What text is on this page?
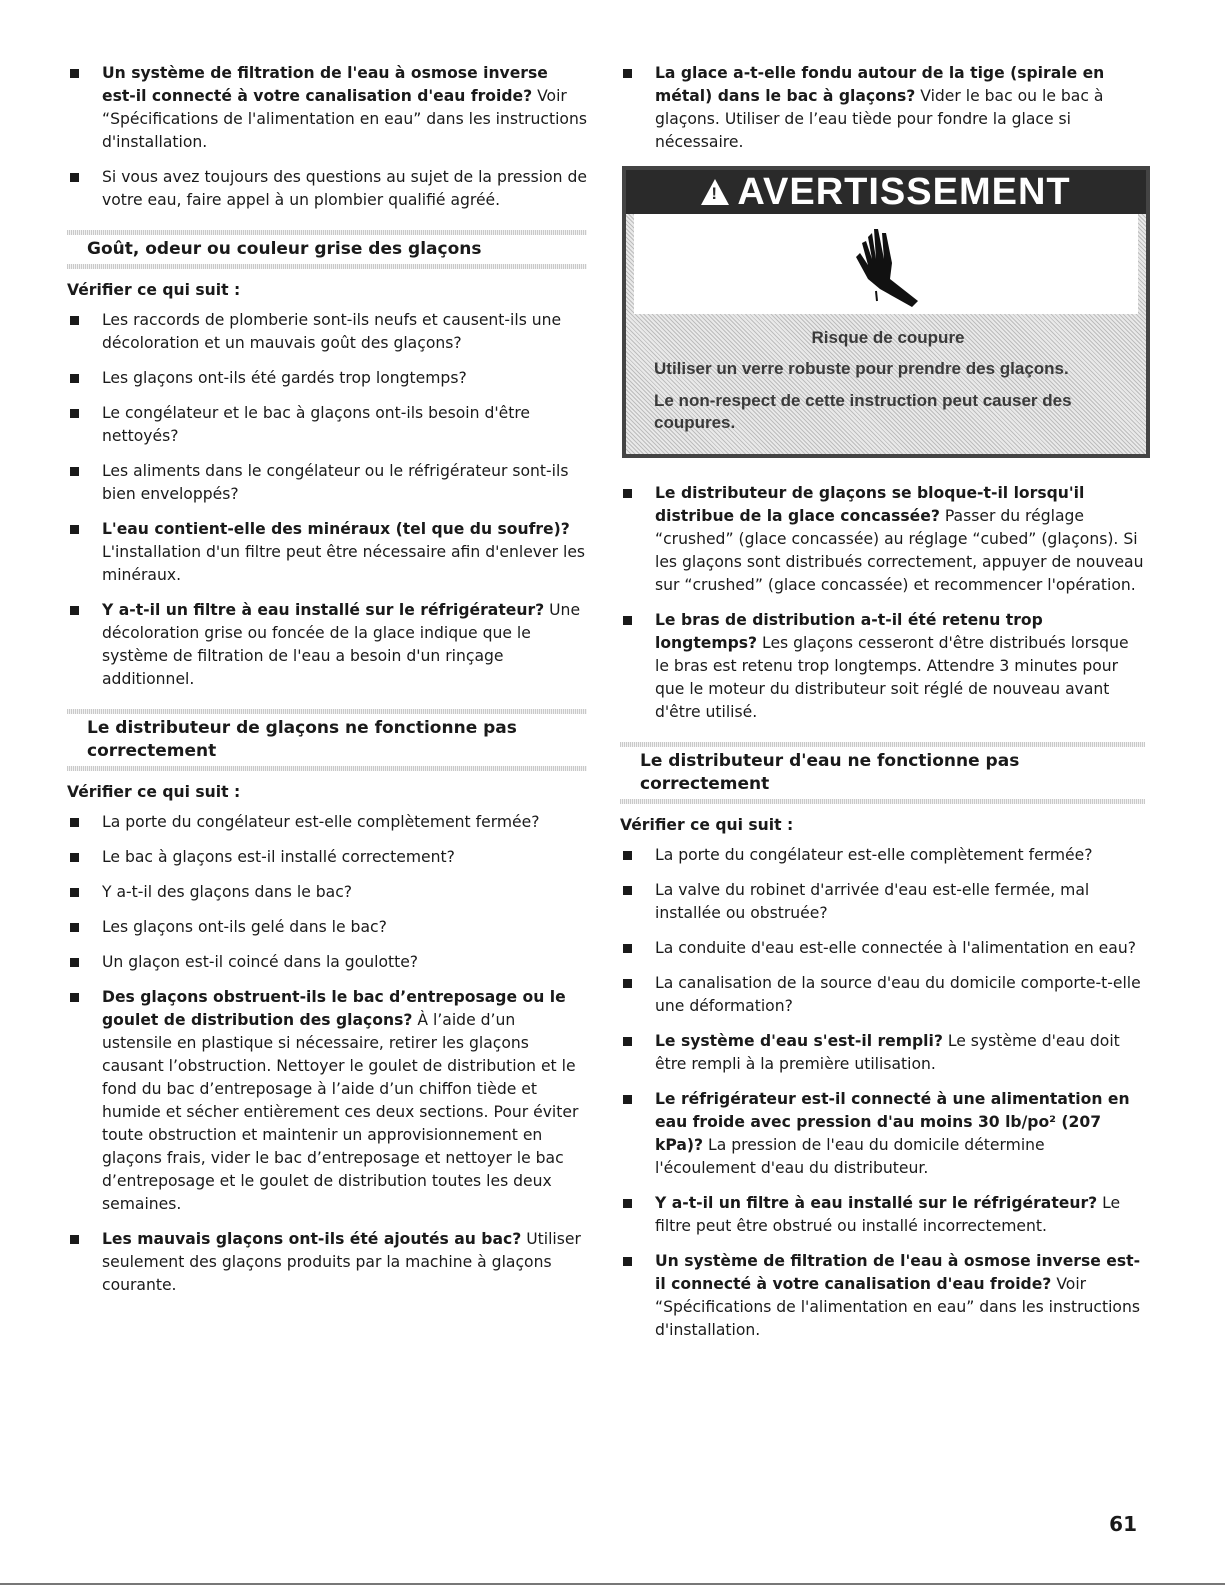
Un système de filtration de l'eau à osmose inverse est-il connecté à votre canalisation d'eau froide? Voir “Spécifications de l'alimentation en eau” dans les instructions d'installation.
Si vous avez toujours des questions au sujet de la pression de votre eau, faire appel à un plombier qualifié agréé.
Goût, odeur ou couleur grise des glaçons
Vérifier ce qui suit :
Les raccords de plomberie sont-ils neufs et causent-ils une décoloration et un mauvais goût des glaçons?
Les glaçons ont-ils été gardés trop longtemps?
Le congélateur et le bac à glaçons ont-ils besoin d'être nettoyés?
Les aliments dans le congélateur ou le réfrigérateur sont-ils bien enveloppés?
L'eau contient-elle des minéraux (tel que du soufre)? L'installation d'un filtre peut être nécessaire afin d'enlever les minéraux.
Y a-t-il un filtre à eau installé sur le réfrigérateur? Une décoloration grise ou foncée de la glace indique que le système de filtration de l'eau a besoin d'un rinçage additionnel.
Le distributeur de glaçons ne fonctionne pas correctement
Vérifier ce qui suit :
La porte du congélateur est-elle complètement fermée?
Le bac à glaçons est-il installé correctement?
Y a-t-il des glaçons dans le bac?
Les glaçons ont-ils gelé dans le bac?
Un glaçon est-il coincé dans la goulotte?
Des glaçons obstruent-ils le bac d’entreposage ou le goulet de distribution des glaçons? À l’aide d’un ustensile en plastique si nécessaire, retirer les glaçons causant l’obstruction. Nettoyer le goulet de distribution et le fond du bac d’entreposage à l’aide d’un chiffon tiède et humide et sécher entièrement ces deux sections. Pour éviter toute obstruction et maintenir un approvisionnement en glaçons frais, vider le bac d’entreposage et nettoyer le bac d’entreposage et le goulet de distribution toutes les deux semaines.
Les mauvais glaçons ont-ils été ajoutés au bac? Utiliser seulement des glaçons produits par la machine à glaçons courante.
La glace a-t-elle fondu autour de la tige (spirale en métal) dans le bac à glaçons? Vider le bac ou le bac à glaçons. Utiliser de l’eau tiède pour fondre la glace si nécessaire.
! AVERTISSEMENT
Risque de coupure

Utiliser un verre robuste pour prendre des glaçons.

Le non-respect de cette instruction peut causer des coupures.

Le distributeur de glaçons se bloque-t-il lorsqu'il distribue de la glace concassée? Passer du réglage “crushed” (glace concassée) au réglage “cubed” (glaçons). Si les glaçons sont distribués correctement, appuyer de nouveau sur “crushed” (glace concassée) et recommencer l'opération.
Le bras de distribution a-t-il été retenu trop longtemps? Les glaçons cesseront d'être distribués lorsque le bras est retenu trop longtemps. Attendre 3 minutes pour que le moteur du distributeur soit réglé de nouveau avant d'être utilisé.
Le distributeur d'eau ne fonctionne pas correctement
Vérifier ce qui suit :
La porte du congélateur est-elle complètement fermée?
La valve du robinet d'arrivée d'eau est-elle fermée, mal installée ou obstruée?
La conduite d'eau est-elle connectée à l'alimentation en eau?
La canalisation de la source d'eau du domicile comporte-t-elle une déformation?
Le système d'eau s'est-il rempli? Le système d'eau doit être rempli à la première utilisation.
Le réfrigérateur est-il connecté à une alimentation en eau froide avec pression d'au moins 30 lb/po² (207 kPa)? La pression de l'eau du domicile détermine l'écoulement d'eau du distributeur.
Y a-t-il un filtre à eau installé sur le réfrigérateur? Le filtre peut être obstrué ou installé incorrectement.
Un système de filtration de l'eau à osmose inverse est-il connecté à votre canalisation d'eau froide? Voir “Spécifications de l'alimentation en eau” dans les instructions d'installation.
61
